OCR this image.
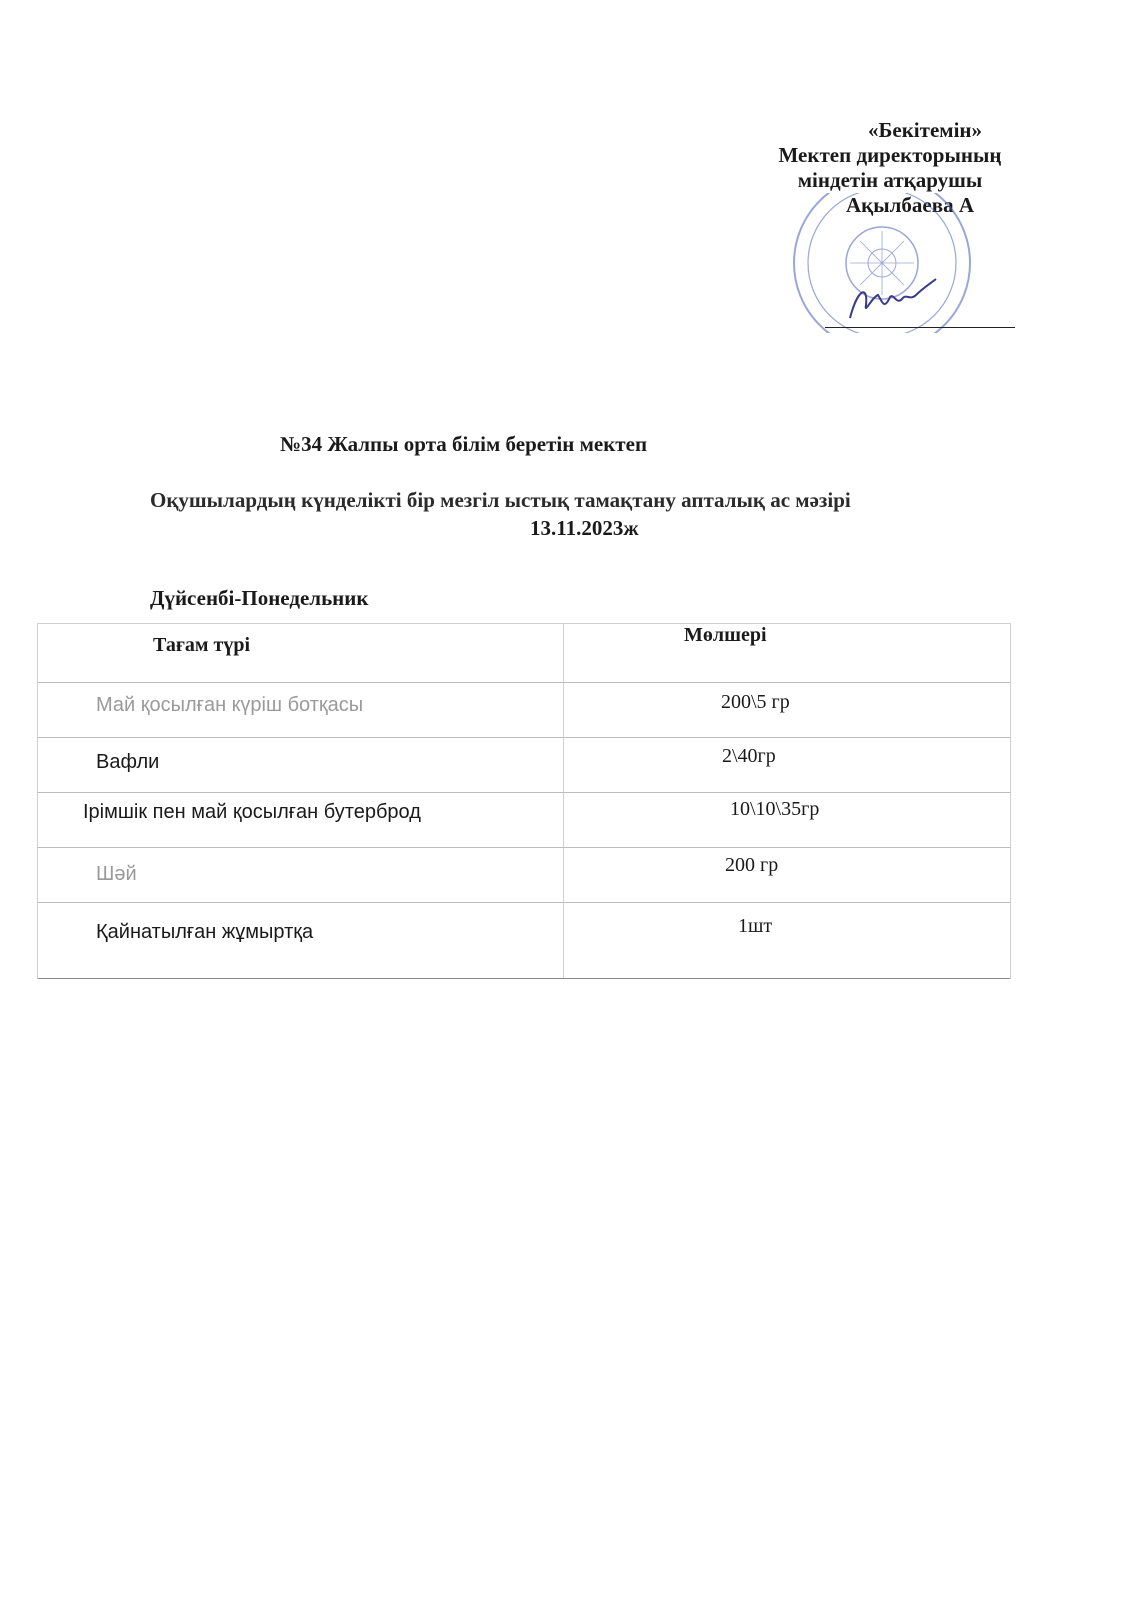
«Бекітемін»
Мектеп директорының
міндетін атқарушы
Ақылбаева А
№34 Жалпы орта білім беретін мектеп
Оқушылардың күнделікті бір мезгіл ыстық тамақтану апталық ас мәзірі
13.11.2023ж
Дүйсенбі-Понедельник
Тағам түрі	Мөлшері
Май қосылған күріш ботқасы	200\5 гр
Вафли	2\40гр
Ірімшік пен май қосылған бутерброд	10\10\35гр
Шәй	200 гр
Қайнатылған жұмыртқа	1шт
